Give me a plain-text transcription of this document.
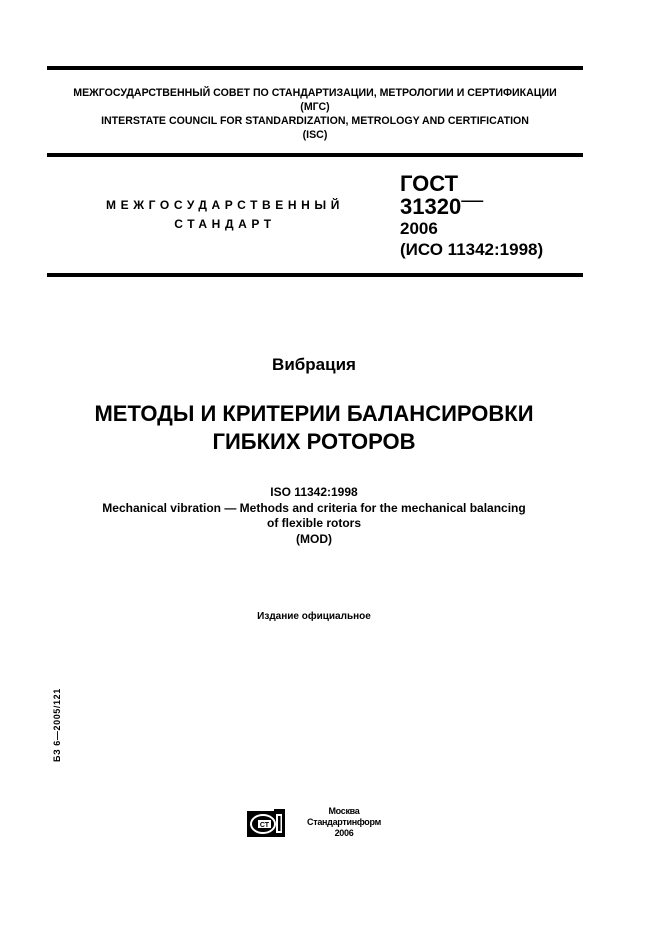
МЕЖГОСУДАРСТВЕННЫЙ СОВЕТ ПО СТАНДАРТИЗАЦИИ, МЕТРОЛОГИИ И СЕРТИФИКАЦИИ
(МГС)
INTERSTATE COUNCIL FOR STANDARDIZATION, METROLOGY AND CERTIFICATION
(ISC)
МЕЖГОСУДАРСТВЕННЫЙ
СТАНДАРТ
ГОСТ
31320—
2006
(ИСО 11342:1998)
Вибрация
МЕТОДЫ И КРИТЕРИИ БАЛАНСИРОВКИ
ГИБКИХ РОТОРОВ
ISO 11342:1998
Mechanical vibration — Methods and criteria for the mechanical balancing
of flexible rotors
(MOD)
Издание официальное
БЗ 6—2005/121
СТ
Москва
Стандартинформ
2006
